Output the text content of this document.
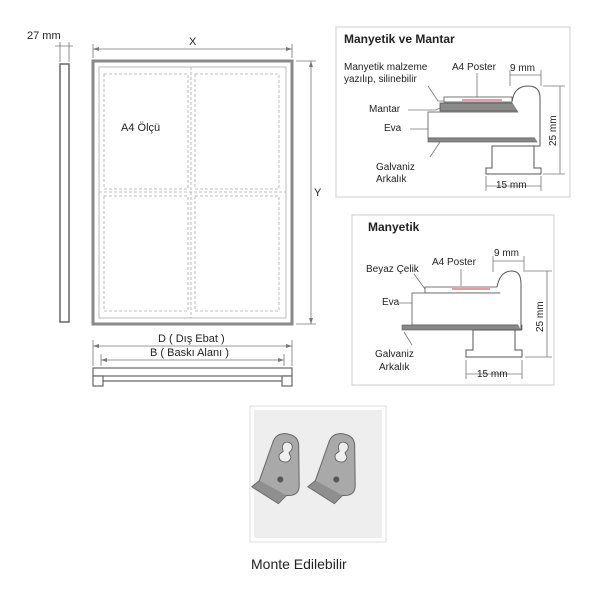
27 mm
A4 Ölçü
X
Y
D ( Dış Ebat )
B ( Baskı Alanı )
Manyetik ve Mantar
Manyetik malzeme
yazılıp, silinebilir
A4 Poster
Mantar
Eva
Galvaniz
Arkalık
9 mm
25 mm
15 mm
Manyetik
Beyaz Çelik
A4 Poster
Eva
Galvaniz
Arkalık
9 mm
25 mm
15 mm
Monte Edilebilir
